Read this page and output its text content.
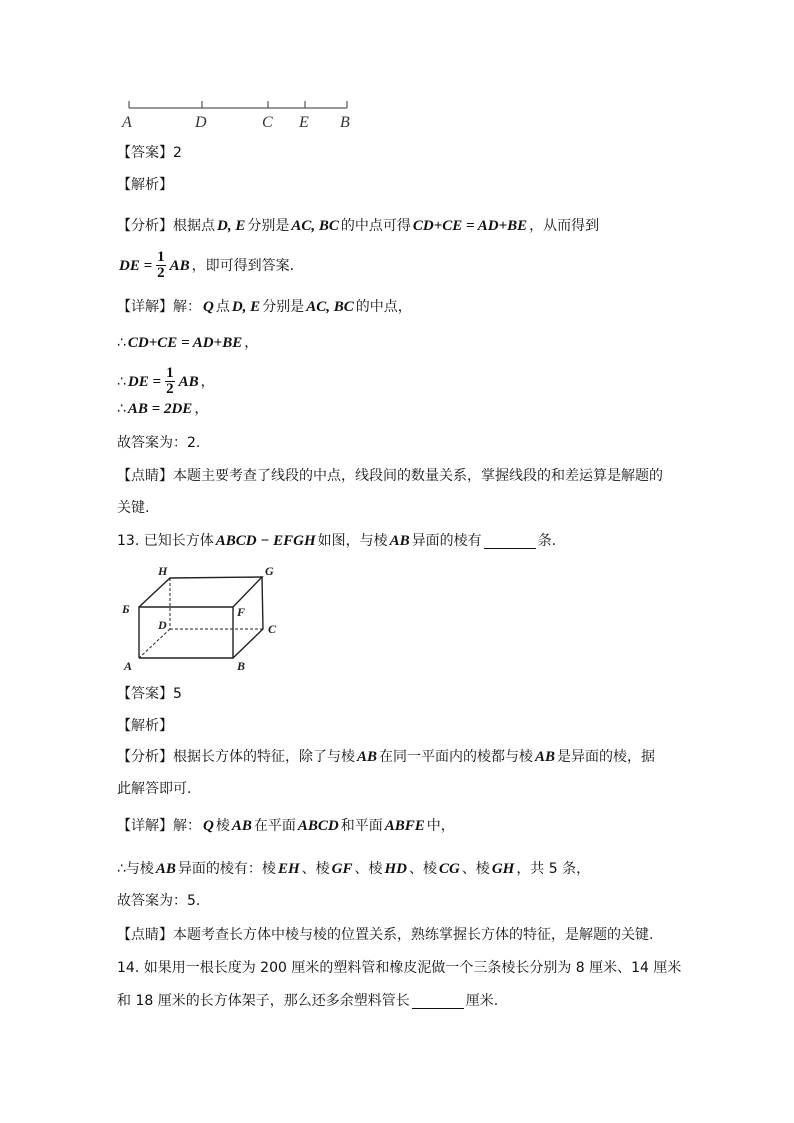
A	D	C E B
H	G
Б	F
D	C
A	B
【答案】2
【解析】
【分析】根据点 D, E 分别是 AC, BC 的中点可得 CD+CE = AD+BE ，从而得到
DE = $\frac{1}{2}$ AB ，即可得到答案.
【详解】解： Q 点 D, E 分别是 AC, BC 的中点，
∴ CD+CE = AD+BE ，
∴ DE = $\frac{1}{2}$ AB ，
∴ AB = 2DE ，
故答案为：2.
【点睛】本题主要考查了线段的中点，线段间的数量关系，掌握线段的和差运算是解题的
关键.
13. 已知长方体 ABCD − EFGH 如图，与棱 AB 异面的棱有	条.
【答案】5
【解析】
【分析】根据长方体的特征，除了与棱 AB 在同一平面内的棱都与棱 AB 是异面的棱，据
此解答即可.
【详解】解： Q 棱 AB 在平面 ABCD 和平面 ABFE 中，
∴与棱 AB 异面的棱有：棱 EH 、棱 GF 、棱 HD 、棱 CG 、棱 GH ，共 5 条，
故答案为：5.
【点睛】本题考查长方体中棱与棱的位置关系，熟练掌握长方体的特征，是解题的关键.
14. 如果用一根长度为 200 厘米的塑料管和橡皮泥做一个三条棱长分别为 8 厘米、14 厘米
和 18 厘米的长方体架子，那么还多余塑料管长	厘米.
